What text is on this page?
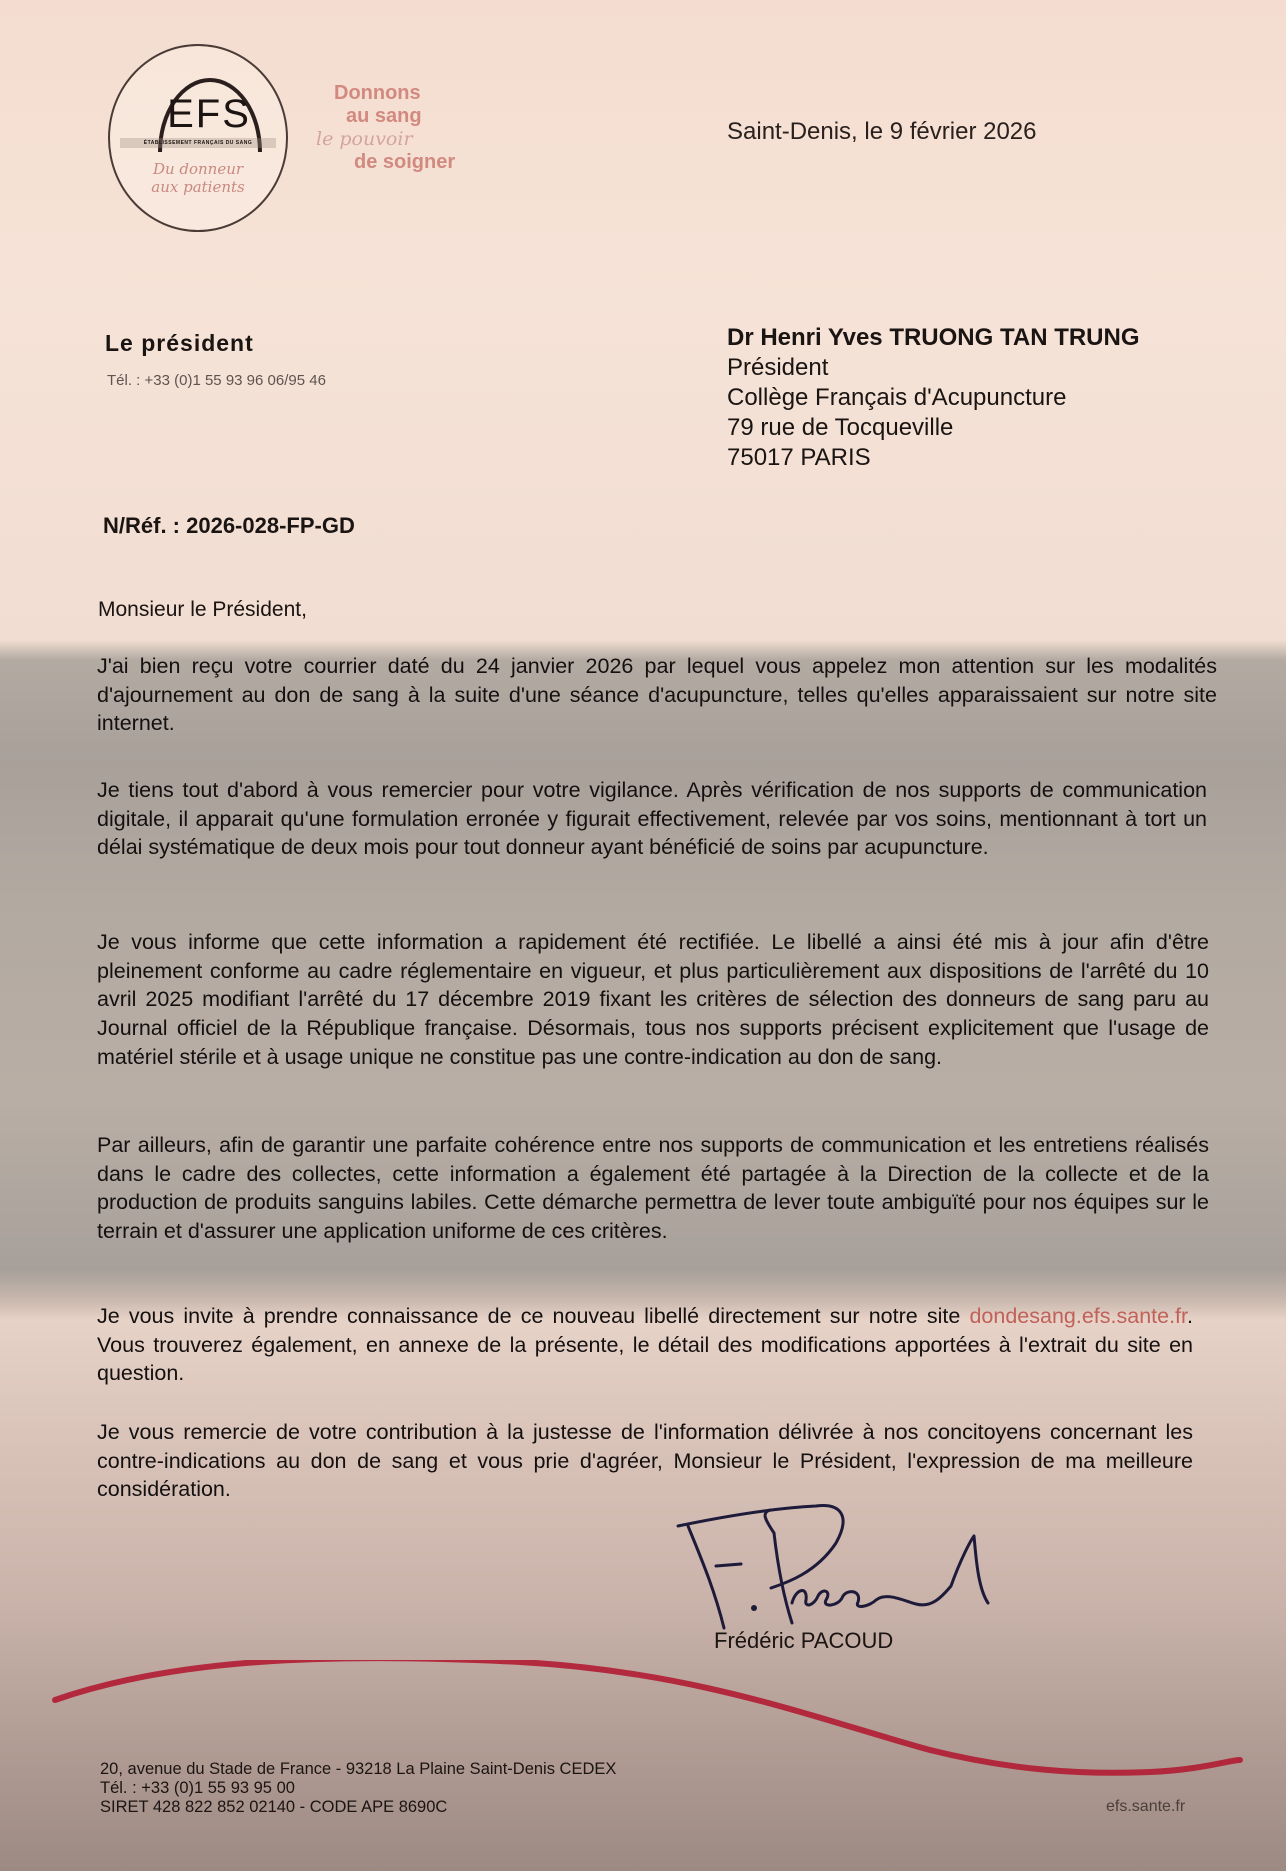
EFS
ÉTABLISSEMENT FRANÇAIS DU SANG
Du donneur
aux patients
Donnons
au sang
le pouvoir
de soigner
Saint-Denis, le 9 février 2026
Le président
Tél. : +33 (0)1 55 93 96 06/95 46
Dr Henri Yves TRUONG TAN TRUNG
Président
Collège Français d'Acupuncture
79 rue de Tocqueville
75017 PARIS
N/Réf. : 2026-028-FP-GD
Monsieur le Président,
J'ai bien reçu votre courrier daté du 24 janvier 2026 par lequel vous appelez mon attention sur les modalités d'ajournement au don de sang à la suite d'une séance d'acupuncture, telles qu'elles apparaissaient sur notre site internet.
Je tiens tout d'abord à vous remercier pour votre vigilance. Après vérification de nos supports de communication digitale, il apparait qu'une formulation erronée y figurait effectivement, relevée par vos soins, mentionnant à tort un délai systématique de deux mois pour tout donneur ayant bénéficié de soins par acupuncture.
Je vous informe que cette information a rapidement été rectifiée. Le libellé a ainsi été mis à jour afin d'être pleinement conforme au cadre réglementaire en vigueur, et plus particulièrement aux dispositions de l'arrêté du 10 avril 2025 modifiant l'arrêté du 17 décembre 2019 fixant les critères de sélection des donneurs de sang paru au Journal officiel de la République française. Désormais, tous nos supports précisent explicitement que l'usage de matériel stérile et à usage unique ne constitue pas une contre-indication au don de sang.
Par ailleurs, afin de garantir une parfaite cohérence entre nos supports de communication et les entretiens réalisés dans le cadre des collectes, cette information a également été partagée à la Direction de la collecte et de la production de produits sanguins labiles. Cette démarche permettra de lever toute ambiguïté pour nos équipes sur le terrain et d'assurer une application uniforme de ces critères.
Je vous invite à prendre connaissance de ce nouveau libellé directement sur notre site dondesang.efs.sante.fr. Vous trouverez également, en annexe de la présente, le détail des modifications apportées à l'extrait du site en question.
Je vous remercie de votre contribution à la justesse de l'information délivrée à nos concitoyens concernant les contre-indications au don de sang et vous prie d'agréer, Monsieur le Président, l'expression de ma meilleure considération.
Frédéric PACOUD
20, avenue du Stade de France - 93218 La Plaine Saint-Denis CEDEX
Tél. : +33 (0)1 55 93 95 00
SIRET 428 822 852 02140 - CODE APE 8690C	efs.sante.fr
